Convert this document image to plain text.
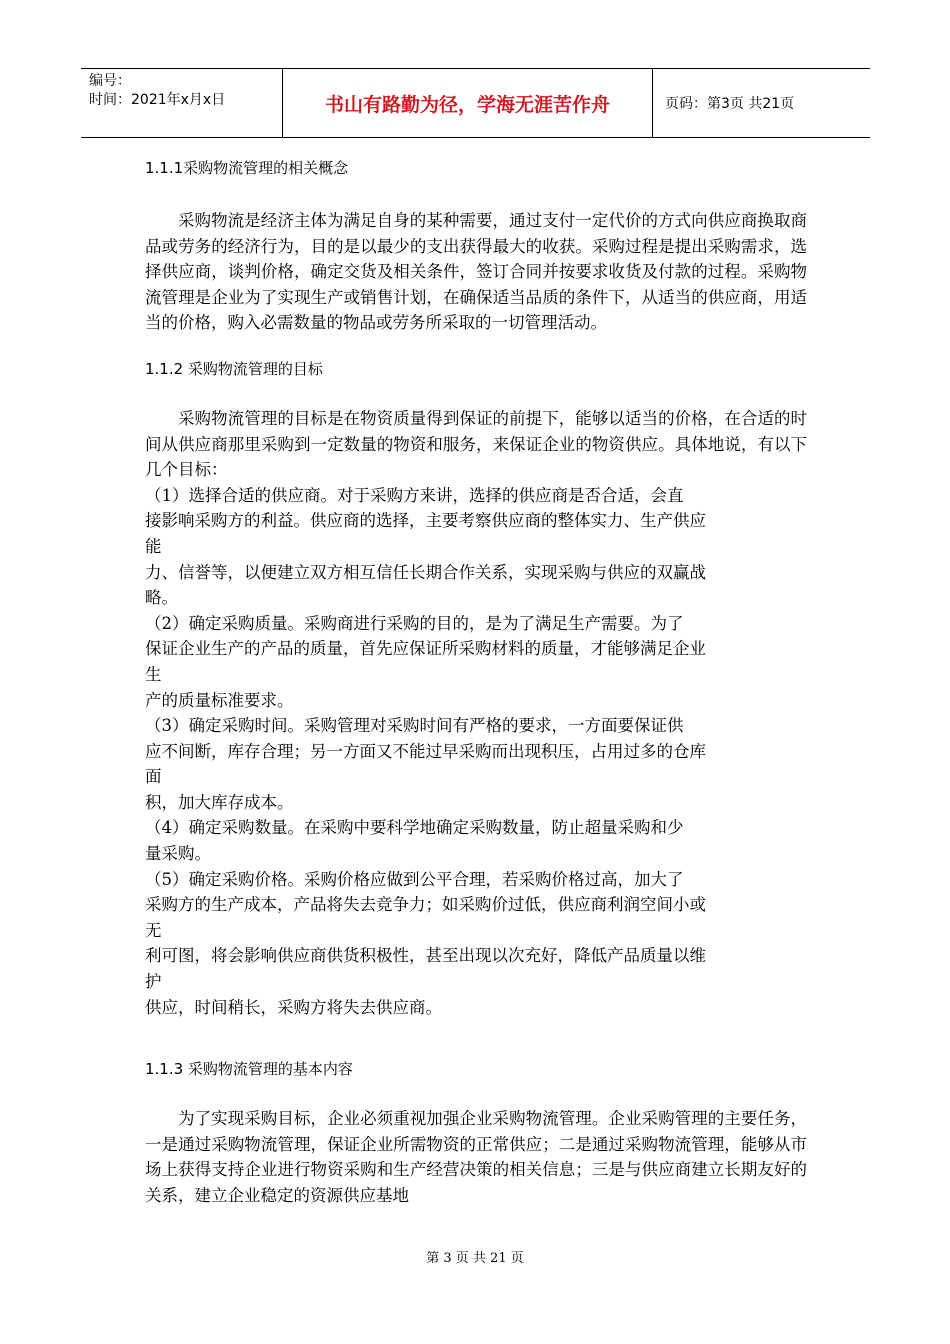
编号：
时间：2021年x月x日	书山有路勤为径，学海无涯苦作舟	页码：第3页 共21页

1.1.1采购物流管理的相关概念

采购物流是经济主体为满足自身的某种需要，通过支付一定代价的方式向供应商换取商品或劳务的经济行为，目的是以最少的支出获得最大的收获。采购过程是提出采购需求，选择供应商，谈判价格，确定交货及相关条件，签订合同并按要求收货及付款的过程。采购物流管理是企业为了实现生产或销售计划，在确保适当品质的条件下，从适当的供应商，用适当的价格，购入必需数量的物品或劳务所采取的一切管理活动。

1.1.2 采购物流管理的目标

采购物流管理的目标是在物资质量得到保证的前提下，能够以适当的价格，在合适的时间从供应商那里采购到一定数量的物资和服务，来保证企业的物资供应。具体地说，有以下几个目标：

（1）选择合适的供应商。对于采购方来讲，选择的供应商是否合适，会直

接影响采购方的利益。供应商的选择，主要考察供应商的整体实力、生产供应

能

力、信誉等，以便建立双方相互信任长期合作关系，实现采购与供应的双赢战

略。

（2）确定采购质量。采购商进行采购的目的，是为了满足生产需要。为了

保证企业生产的产品的质量，首先应保证所采购材料的质量，才能够满足企业

生

产的质量标准要求。

（3）确定采购时间。采购管理对采购时间有严格的要求，一方面要保证供

应不间断，库存合理；另一方面又不能过早采购而出现积压，占用过多的仓库

面

积，加大库存成本。

（4）确定采购数量。在采购中要科学地确定采购数量，防止超量采购和少

量采购。

（5）确定采购价格。采购价格应做到公平合理，若采购价格过高，加大了

采购方的生产成本，产品将失去竞争力；如采购价过低，供应商利润空间小或

无

利可图，将会影响供应商供货积极性，甚至出现以次充好，降低产品质量以维

护

供应，时间稍长，采购方将失去供应商。

1.1.3 采购物流管理的基本内容

为了实现采购目标，企业必须重视加强企业采购物流管理。企业采购管理的主要任务，一是通过采购物流管理，保证企业所需物资的正常供应；二是通过采购物流管理，能够从市场上获得支持企业进行物资采购和生产经营决策的相关信息；三是与供应商建立长期友好的关系，建立企业稳定的资源供应基地

第 3 页 共 21 页
